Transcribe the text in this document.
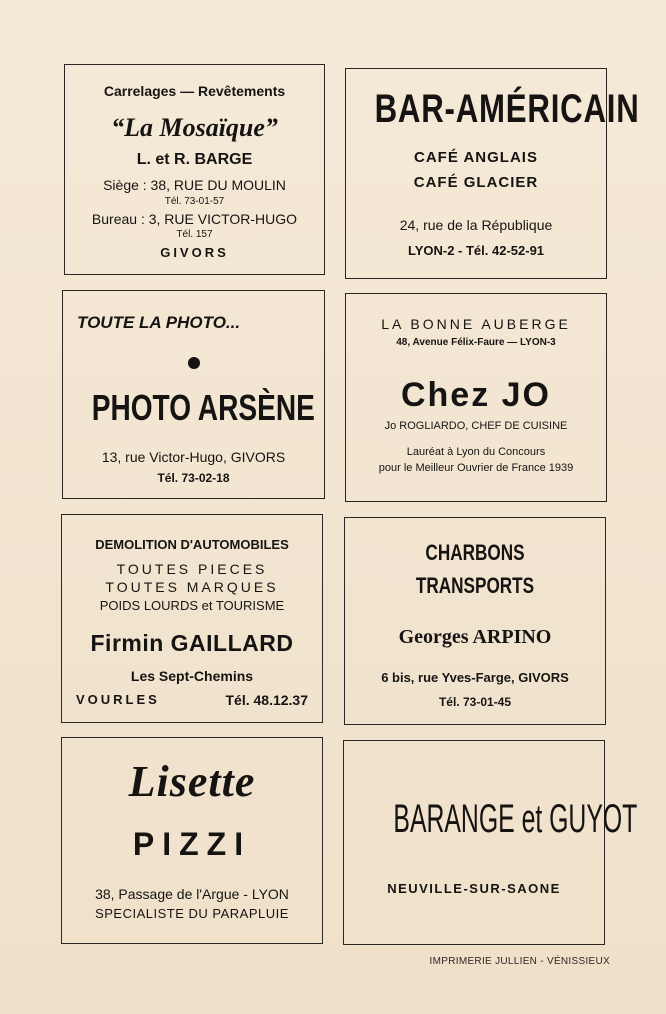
Carrelages — Revêtements
“La Mosaïque”
L. et R. BARGE
Siège : 38, RUE DU MOULIN
Tél. 73-01-57
Bureau : 3, RUE VICTOR-HUGO
Tél. 157
GIVORS
BAR-AMÉRICAIN
CAFÉ ANGLAIS
CAFÉ GLACIER
24, rue de la République
LYON-2 - Tél. 42-52-91
TOUTE LA PHOTO...
PHOTO ARSÈNE
13, rue Victor-Hugo, GIVORS
Tél. 73-02-18
LA BONNE AUBERGE
48, Avenue Félix-Faure — LYON-3
Chez JO
Jo ROGLIARDO, CHEF DE CUISINE
Lauréat à Lyon du Concours
pour le Meilleur Ouvrier de France 1939
DEMOLITION D'AUTOMOBILES
TOUTES PIECES
TOUTES MARQUES
POIDS LOURDS et TOURISME
Firmin GAILLARD
Les Sept-Chemins
VOURLES	Tél. 48.12.37
CHARBONS
TRANSPORTS
Georges ARPINO
6 bis, rue Yves-Farge, GIVORS
Tél. 73-01-45
Lisette
PIZZI
38, Passage de l'Argue - LYON
SPECIALISTE DU PARAPLUIE
BARANGE et GUYOT
NEUVILLE-SUR-SAONE
IMPRIMERIE JULLIEN - VÉNISSIEUX
